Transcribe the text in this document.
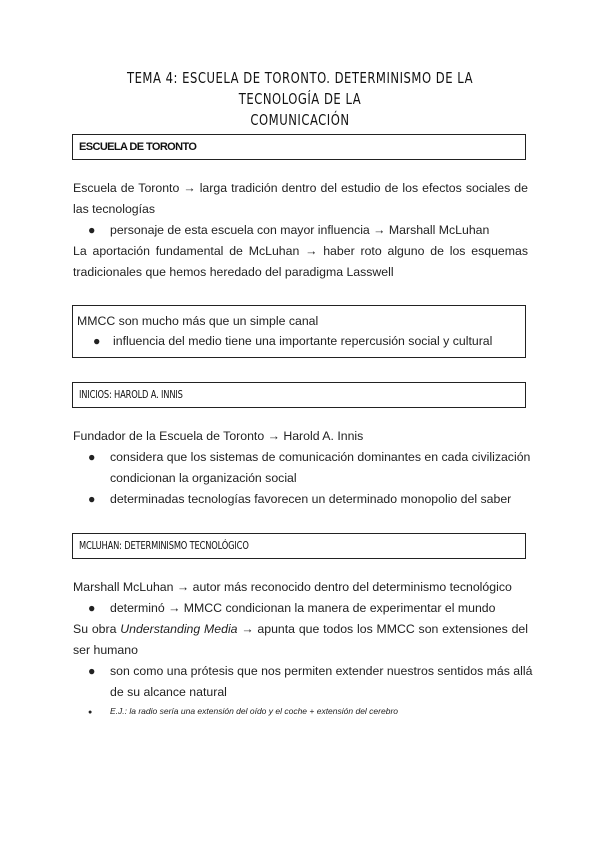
TEMA 4: ESCUELA DE TORONTO. DETERMINISMO DE LA TECNOLOGÍA DE LA
COMUNICACIÓN
ESCUELA DE TORONTO
Escuela de Toronto → larga tradición dentro del estudio de los efectos sociales de
las tecnologías
● personaje de esta escuela con mayor influencia → Marshall McLuhan
La aportación fundamental de McLuhan → haber roto alguno de los esquemas
tradicionales que hemos heredado del paradigma Lasswell
MMCC son mucho más que un simple canal
● influencia del medio tiene una importante repercusión social y cultural
INICIOS: HAROLD A. INNIS
Fundador de la Escuela de Toronto → Harold A. Innis
● considera que los sistemas de comunicación dominantes en cada civilización
condicionan la organización social
● determinadas tecnologías favorecen un determinado monopolio del saber
MCLUHAN: DETERMINISMO TECNOLÓGICO
Marshall McLuhan → autor más reconocido dentro del determinismo tecnológico
● determinó → MMCC condicionan la manera de experimentar el mundo
Su obra Understanding Media → apunta que todos los MMCC son extensiones del
ser humano
● son como una prótesis que nos permiten extender nuestros sentidos más allá
de su alcance natural
● E.J.: la radio sería una extensión del oído y el coche + extensión del cerebro
